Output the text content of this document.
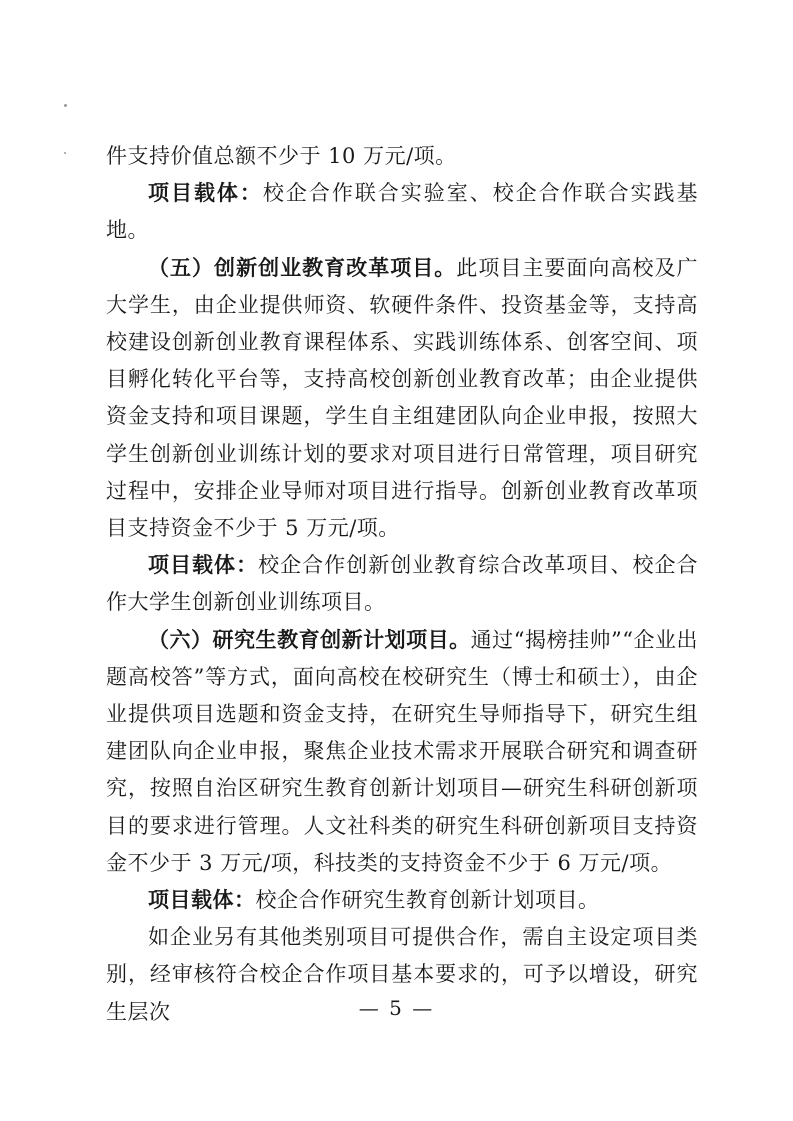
件支持价值总额不少于 10 万元/项。

项目载体：校企合作联合实验室、校企合作联合实践基地。

（五）创新创业教育改革项目。此项目主要面向高校及广大学生，由企业提供师资、软硬件条件、投资基金等，支持高校建设创新创业教育课程体系、实践训练体系、创客空间、项目孵化转化平台等，支持高校创新创业教育改革；由企业提供资金支持和项目课题，学生自主组建团队向企业申报，按照大学生创新创业训练计划的要求对项目进行日常管理，项目研究过程中，安排企业导师对项目进行指导。创新创业教育改革项目支持资金不少于 5 万元/项。

项目载体：校企合作创新创业教育综合改革项目、校企合作大学生创新创业训练项目。

（六）研究生教育创新计划项目。通过“揭榜挂帅”“企业出题高校答”等方式，面向高校在校研究生（博士和硕士），由企业提供项目选题和资金支持，在研究生导师指导下，研究生组建团队向企业申报，聚焦企业技术需求开展联合研究和调查研究，按照自治区研究生教育创新计划项目—研究生科研创新项目的要求进行管理。人文社科类的研究生科研创新项目支持资金不少于 3 万元/项，科技类的支持资金不少于 6 万元/项。

项目载体：校企合作研究生教育创新计划项目。

如企业另有其他类别项目可提供合作，需自主设定项目类别，经审核符合校企合作项目基本要求的，可予以增设，研究生层次	— 5 —
